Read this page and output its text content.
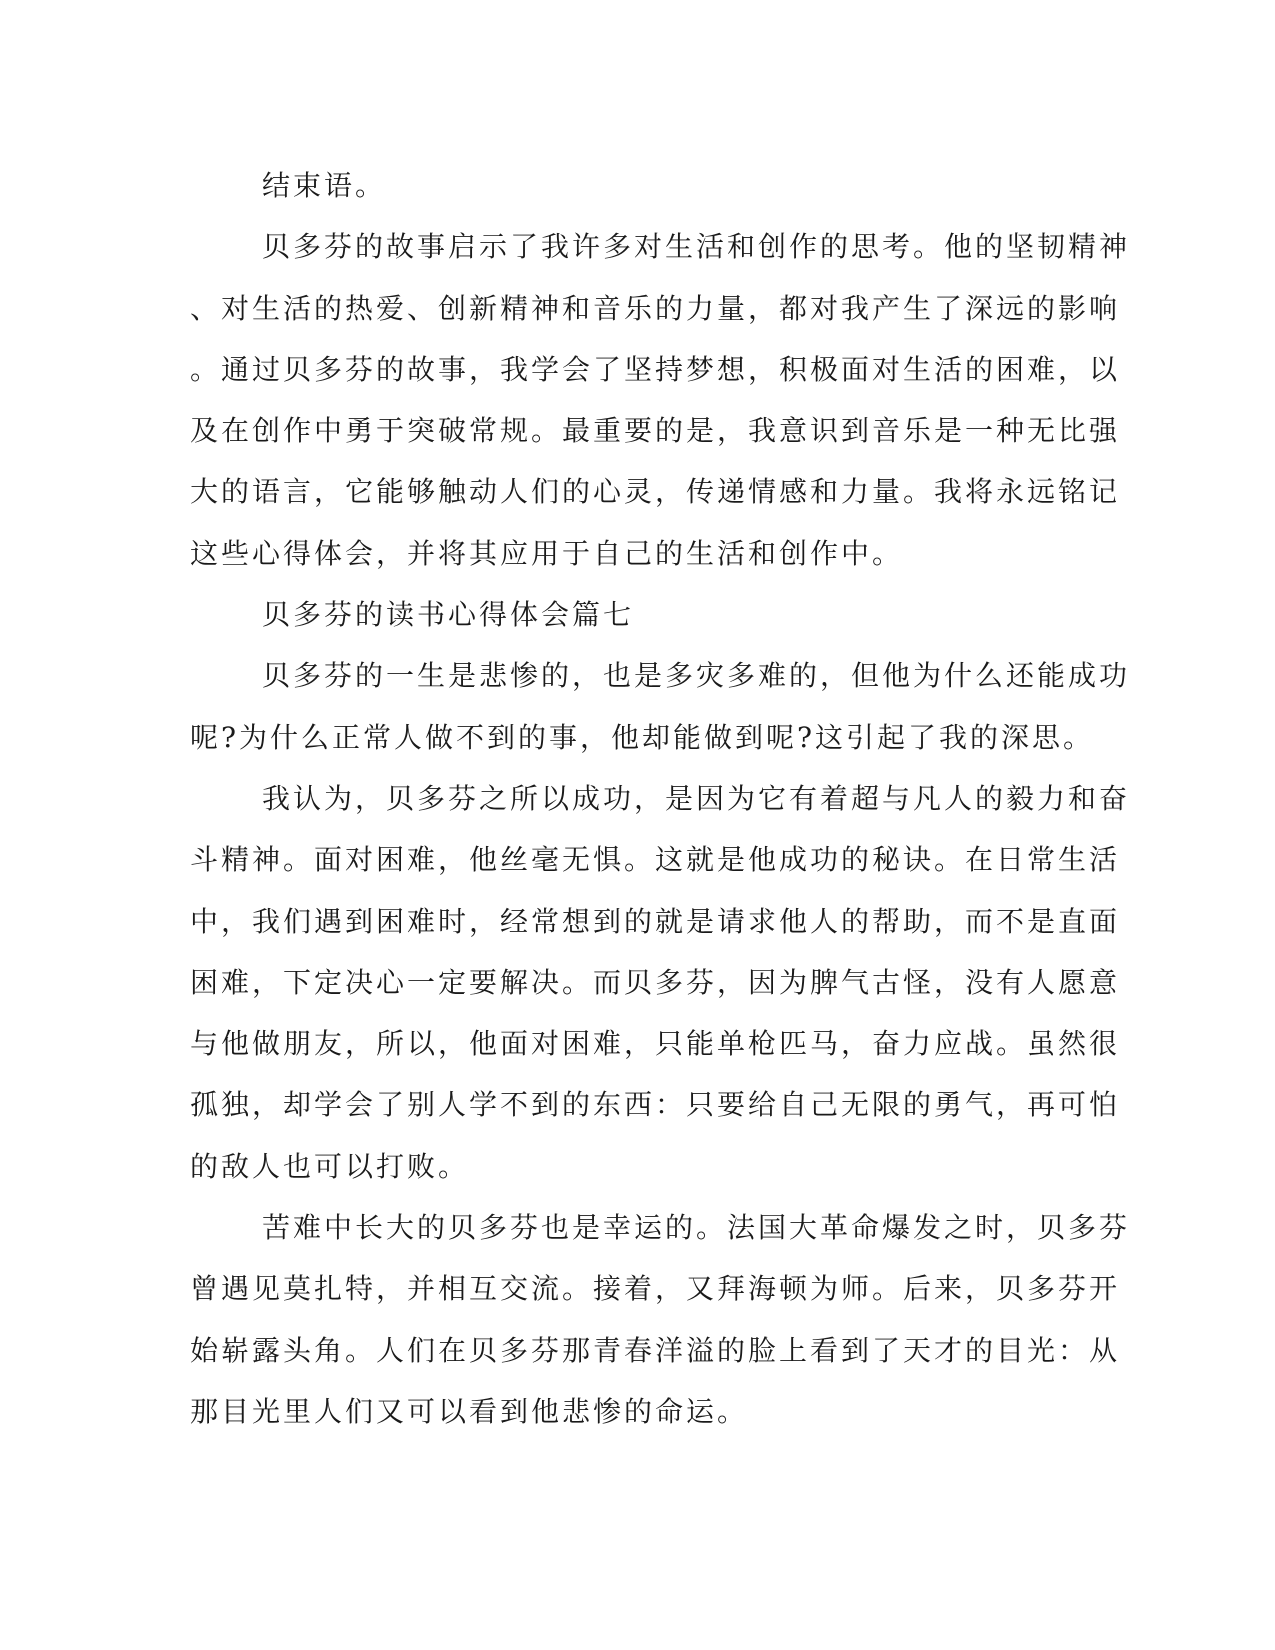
结束语。
贝多芬的故事启示了我许多对生活和创作的思考。他的坚韧精神
、对生活的热爱、创新精神和音乐的力量，都对我产生了深远的影响
。通过贝多芬的故事，我学会了坚持梦想，积极面对生活的困难，以
及在创作中勇于突破常规。最重要的是，我意识到音乐是一种无比强
大的语言，它能够触动人们的心灵，传递情感和力量。我将永远铭记
这些心得体会，并将其应用于自己的生活和创作中。
贝多芬的读书心得体会篇七
贝多芬的一生是悲惨的，也是多灾多难的，但他为什么还能成功
呢?为什么正常人做不到的事，他却能做到呢?这引起了我的深思。
我认为，贝多芬之所以成功，是因为它有着超与凡人的毅力和奋
斗精神。面对困难，他丝毫无惧。这就是他成功的秘诀。在日常生活
中，我们遇到困难时，经常想到的就是请求他人的帮助，而不是直面
困难，下定决心一定要解决。而贝多芬，因为脾气古怪，没有人愿意
与他做朋友，所以，他面对困难，只能单枪匹马，奋力应战。虽然很
孤独，却学会了别人学不到的东西：只要给自己无限的勇气，再可怕
的敌人也可以打败。
苦难中长大的贝多芬也是幸运的。法国大革命爆发之时，贝多芬
曾遇见莫扎特，并相互交流。接着，又拜海顿为师。后来，贝多芬开
始崭露头角。人们在贝多芬那青春洋溢的脸上看到了天才的目光：从
那目光里人们又可以看到他悲惨的命运。
